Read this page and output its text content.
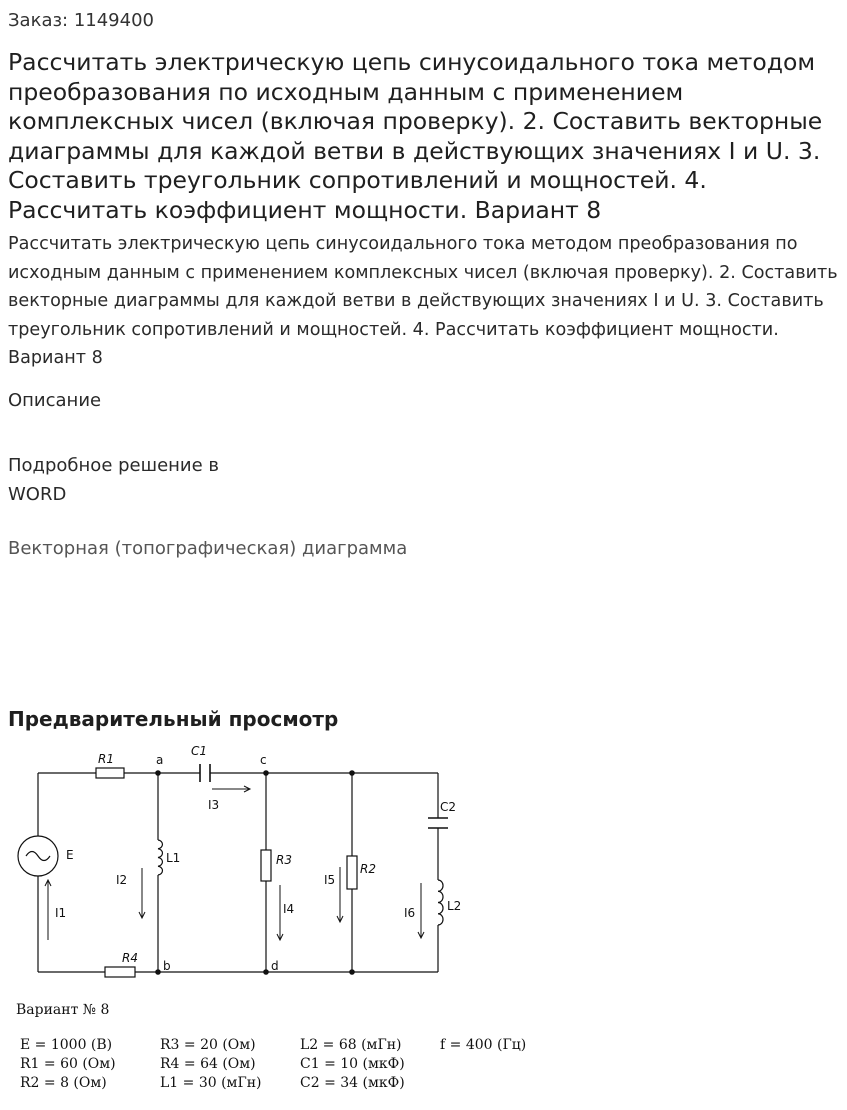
Заказ: 1149400
Рассчитать электрическую цепь синусоидального тока методом преобразования по исходным данным с применением комплексных чисел (включая проверку). 2. Составить векторные диаграммы для каждой ветви в действующих значениях I и U. 3. Составить треугольник сопротивлений и мощностей. 4. Рассчитать коэффициент мощности. Вариант 8

Рассчитать электрическую цепь синусоидального тока методом преобразования по исходным данным с применением комплексных чисел (включая проверку). 2. Составить векторные диаграммы для каждой ветви в действующих значениях I и U. 3. Составить треугольник сопротивлений и мощностей. 4. Рассчитать коэффициент мощности. Вариант 8

Описание
Подробное решение в WORD
Векторная (топографическая) диаграмма
Предварительный просмотр
R1	a
C1
c
C2
I3
E	L1	R3
R2
I2	I5
I4	I6	L2
I1
R4
b	d
Вариант № 8
E = 1000 (B)	R3 = 20 (Ом)	L2 = 68 (мГн)	f = 400 (Гц)
R1 = 60 (Ом)	R4 = 64 (Ом)	C1 = 10 (мкФ)
R2 = 8 (Ом)	L1 = 30 (мГн)	C2 = 34 (мкФ)
